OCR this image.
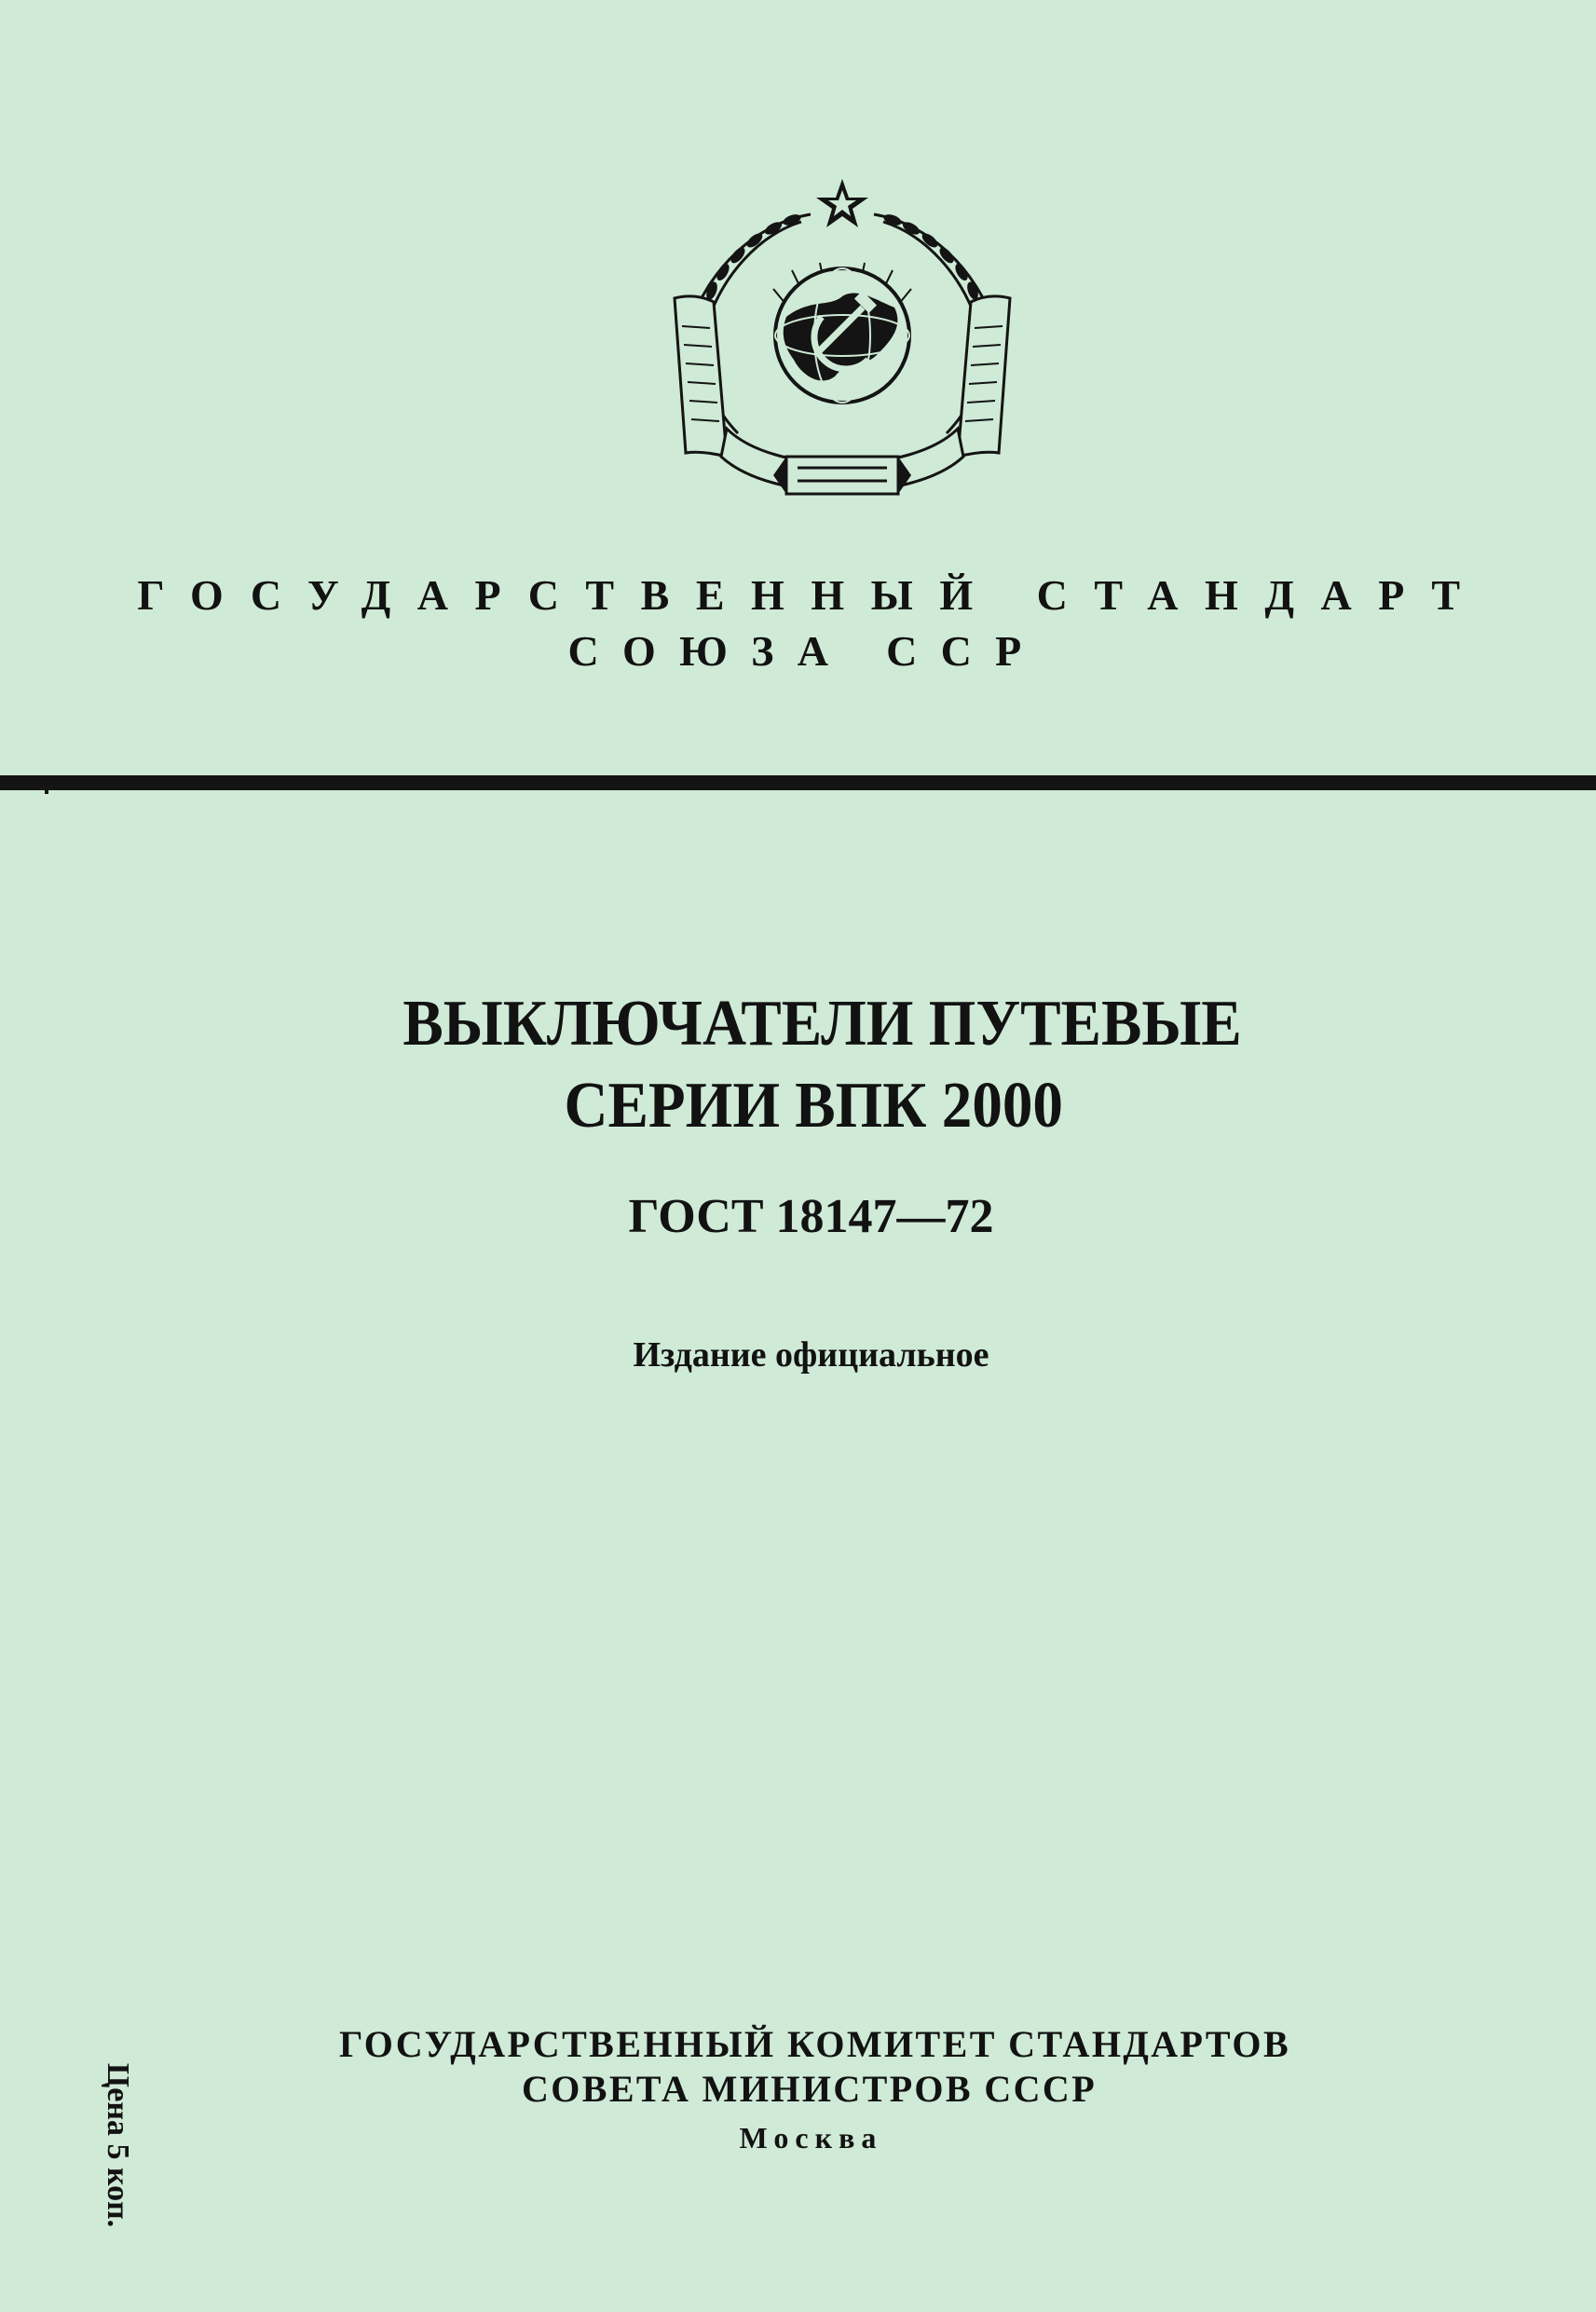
ГОСУДАРСТВЕННЫЙ СТАНДАРТ
СОЮЗА ССР
ВЫКЛЮЧАТЕЛИ ПУТЕВЫЕ
СЕРИИ ВПК 2000
ГОСТ 18147—72
Издание официальное
Цена 5 коп.
ГОСУДАРСТВЕННЫЙ КОМИТЕТ СТАНДАРТОВ
СОВЕТА МИНИСТРОВ СССР
Москва
